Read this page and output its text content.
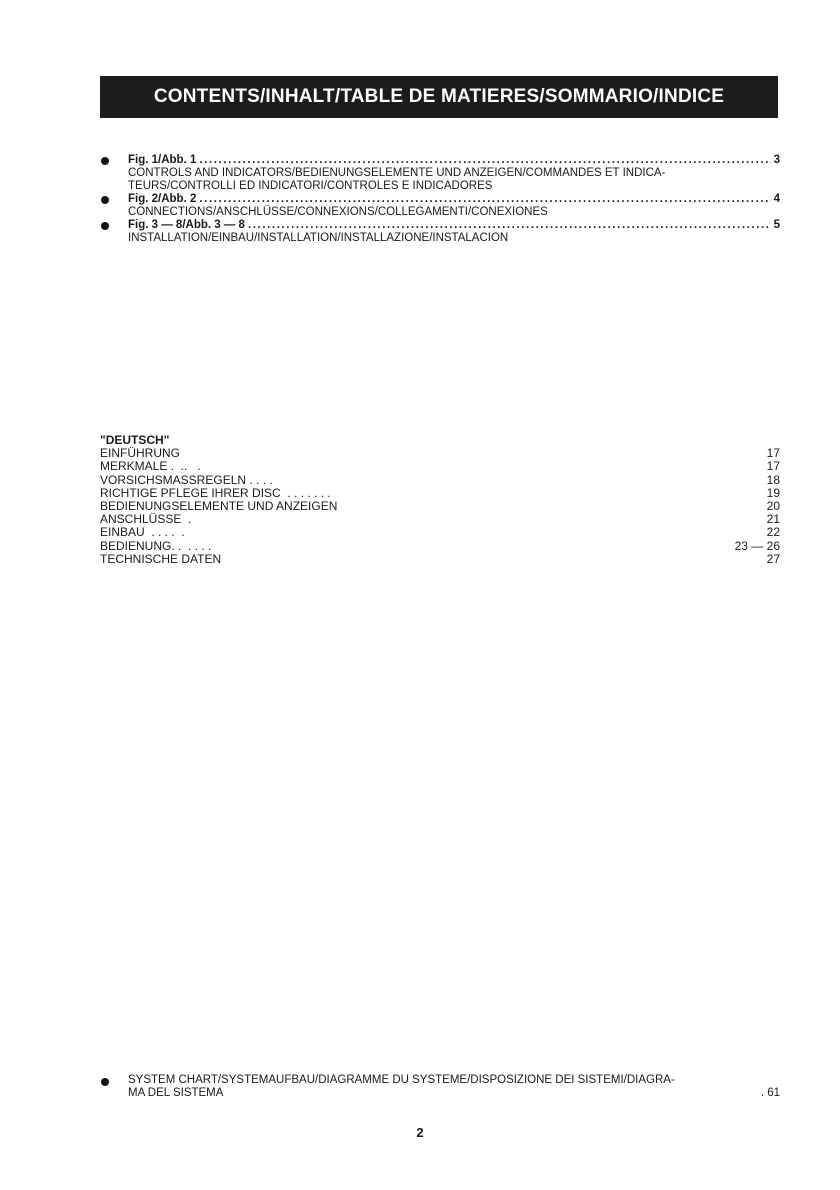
CONTENTS/INHALT/TABLE DE MATIERES/SOMMARIO/INDICE
Fig. 1/Abb. 1 .....	3
CONTROLS AND INDICATORS/BEDIENUNGSELEMENTE UND ANZEIGEN/COMMANDES ET INDICA-
TEURS/CONTROLLI ED INDICATORI/CONTROLES E INDICADORES
Fig. 2/Abb. 2 .....	4
CONNECTIONS/ANSCHLÜSSE/CONNEXIONS/COLLEGAMENTI/CONEXIONES
Fig. 3 — 8/Abb. 3 — 8 .....	5
INSTALLATION/EINBAU/INSTALLATION/INSTALLAZIONE/INSTALACION
"DEUTSCH"
EINFÜHRUNG	17
MERKMALE .  ..   .	17
VORSICHSMASSREGELN . . . .	18
RICHTIGE PFLEGE IHRER DISC  . . . . . . .	19
BEDIENUNGSELEMENTE UND ANZEIGEN	20
ANSCHLÜSSE  .	21
EINBAU  . . . .  .	22
BEDIENUNG. .  . . . .	23 — 26
TECHNISCHE DATEN	27
SYSTEM CHART/SYSTEMAUFBAU/DIAGRAMME DU SYSTEME/DISPOSIZIONE DEI SISTEMI/DIAGRA-
MA DEL SISTEMA	. 61
2
